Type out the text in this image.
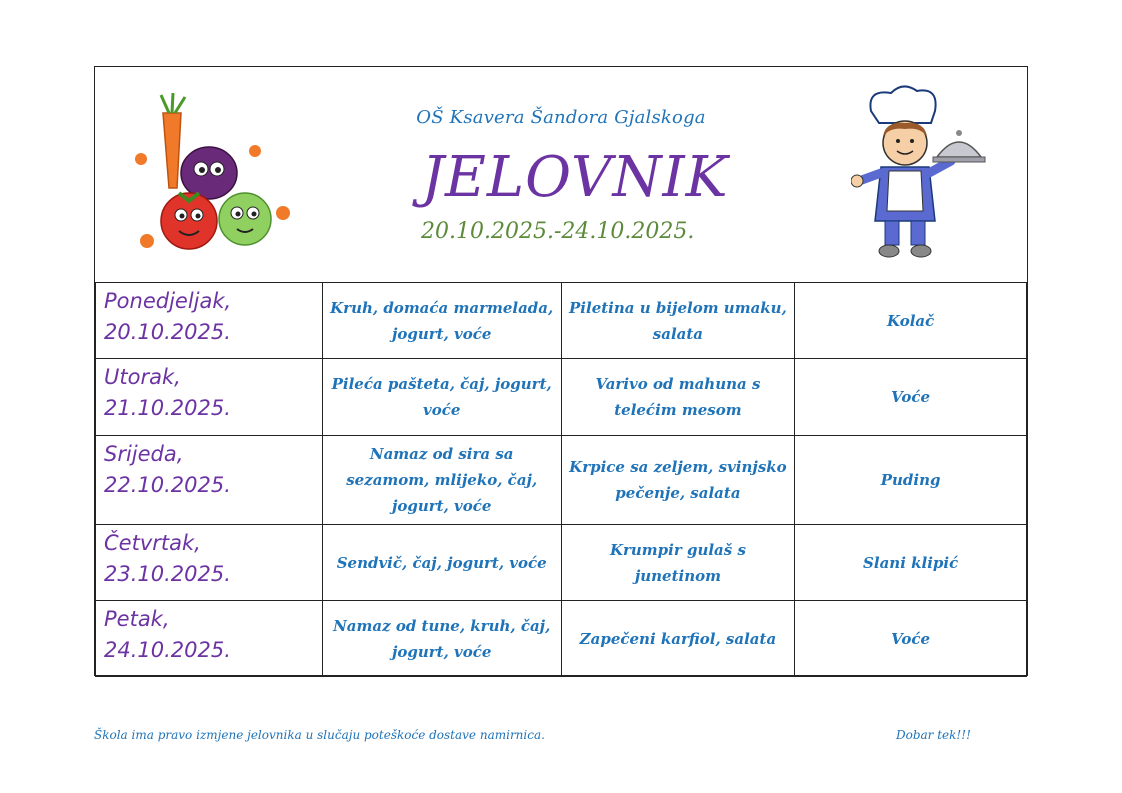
OŠ Ksavera Šandora Gjalskoga
JELOVNIK
20.10.2025.-24.10.2025.
Ponedjeljak,
20.10.2025.	Kruh, domaća marmelada, jogurt, voće	Piletina u bijelom umaku, salata	Kolač
Utorak,
21.10.2025.	Pileća pašteta, čaj, jogurt, voće	Varivo od mahuna s telećim mesom	Voće
Srijeda,
22.10.2025.	Namaz od sira sa sezamom, mlijeko, čaj, jogurt, voće	Krpice sa zeljem, svinjsko pečenje, salata	Puding
Četvrtak,
23.10.2025.	Sendvič, čaj, jogurt, voće	Krumpir gulaš s junetinom	Slani klipić
Petak,
24.10.2025.	Namaz od tune, kruh, čaj, jogurt, voće	Zapečeni karfiol, salata	Voće
Škola ima pravo izmjene jelovnika u slučaju poteškoće dostave namirnica.	Dobar tek!!!
